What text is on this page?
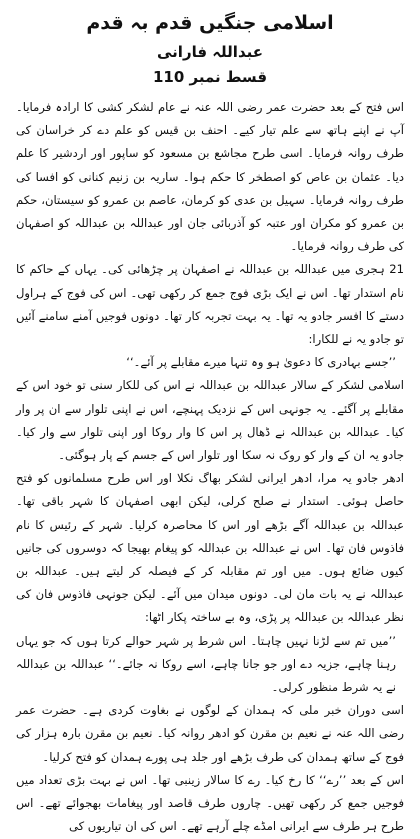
اسلامی جنگیں قدم بہ قدم
عبداللہ فارانی
قسط نمبر 110

اس فتح کے بعد حضرت عمر رضی اللہ عنہ نے عام لشکر کشی کا ارادہ فرمایا۔ آپ نے اپنے ہاتھ سے علم تیار کیے۔ احنف بن قیس کو علم دے کر خراسان کی طرف روانہ فرمایا۔ اسی طرح مجاشع بن مسعود کو ساپور اور اردشیر کا علم دیا۔ عثمان بن عاص کو اصطخر کا حکم ہوا۔ ساریہ بن زنیم کنانی کو افسا کی طرف روانہ فرمایا۔ سہیل بن عدی کو کرمان، عاصم بن عمرو کو سیستان، حکم بن عمرو کو مکران اور عتبہ کو آذربائی جان اور عبداللہ بن عبداللہ کو اصفہان کی طرف روانہ فرمایا۔

21 ہجری میں عبداللہ بن عبداللہ نے اصفہان پر چڑھائی کی۔ یہاں کے حاکم کا نام استدار تھا۔ اس نے ایک بڑی فوج جمع کر رکھی تھی۔ اس کی فوج کے ہراول دستے کا افسر جادو یہ تھا۔ یہ بہت تجربہ کار تھا۔ دونوں فوجیں آمنے سامنے آئیں تو جادو یہ نے للکارا:

’’جسے بہادری کا دعویٰ ہو وہ تنہا میرے مقابلے پر آئے۔‘‘

اسلامی لشکر کے سالار عبداللہ بن عبداللہ نے اس کی للکار سنی تو خود اس کے مقابلے پر آگئے۔ یہ جونہی اس کے نزدیک پہنچے، اس نے اپنی تلوار سے ان پر وار کیا۔ عبداللہ بن عبداللہ نے ڈھال پر اس کا وار روکا اور اپنی تلوار سے وار کیا۔ جادو یہ ان کے وار کو روک نہ سکا اور تلوار اس کے جسم کے پار ہوگئی۔

ادھر جادو یہ مرا، ادھر ایرانی لشکر بھاگ نکلا اور اس طرح مسلمانوں کو فتح حاصل ہوئی۔ استدار نے صلح کرلی، لیکن ابھی اصفہان کا شہر باقی تھا۔ عبداللہ بن عبداللہ آگے بڑھے اور اس کا محاصرہ کرلیا۔ شہر کے رئیس کا نام فاذوس فان تھا۔ اس نے عبداللہ بن عبداللہ کو پیغام بھیجا کہ دوسروں کی جانیں کیوں ضائع ہوں۔ میں اور تم مقابلہ کر کے فیصلہ کر لیتے ہیں۔ عبداللہ بن عبداللہ نے یہ بات مان لی۔ دونوں میدان میں آئے۔ لیکن جونہی فاذوس فان کی نظر عبداللہ بن عبداللہ پر پڑی، وہ بے ساختہ پکار اٹھا:

’’میں تم سے لڑنا نہیں چاہتا۔ اس شرط پر شہر حوالے کرتا ہوں کہ جو یہاں رہنا چاہے، جزیہ دے اور جو جانا چاہے، اسے روکا نہ جائے۔‘‘ عبداللہ بن عبداللہ نے یہ شرط منظور کرلی۔

اسی دوران خبر ملی کہ ہمدان کے لوگوں نے بغاوت کردی ہے۔ حضرت عمر رضی اللہ عنہ نے نعیم بن مقرن کو ادھر روانہ کیا۔ نعیم بن مقرن بارہ ہزار کی فوج کے ساتھ ہمدان کی طرف بڑھے اور جلد ہی پورے ہمدان کو فتح کرلیا۔

اس کے بعد ’’رے‘‘ کا رخ کیا۔ رے کا سالار زینبی تھا۔ اس نے بہت بڑی تعداد میں فوجیں جمع کر رکھی تھیں۔ چاروں طرف قاصد اور پیغامات بھجوائے تھے۔ اس طرح ہر طرف سے ایرانی امڈے چلے آرہے تھے۔ اس کی ان تیاریوں کی
